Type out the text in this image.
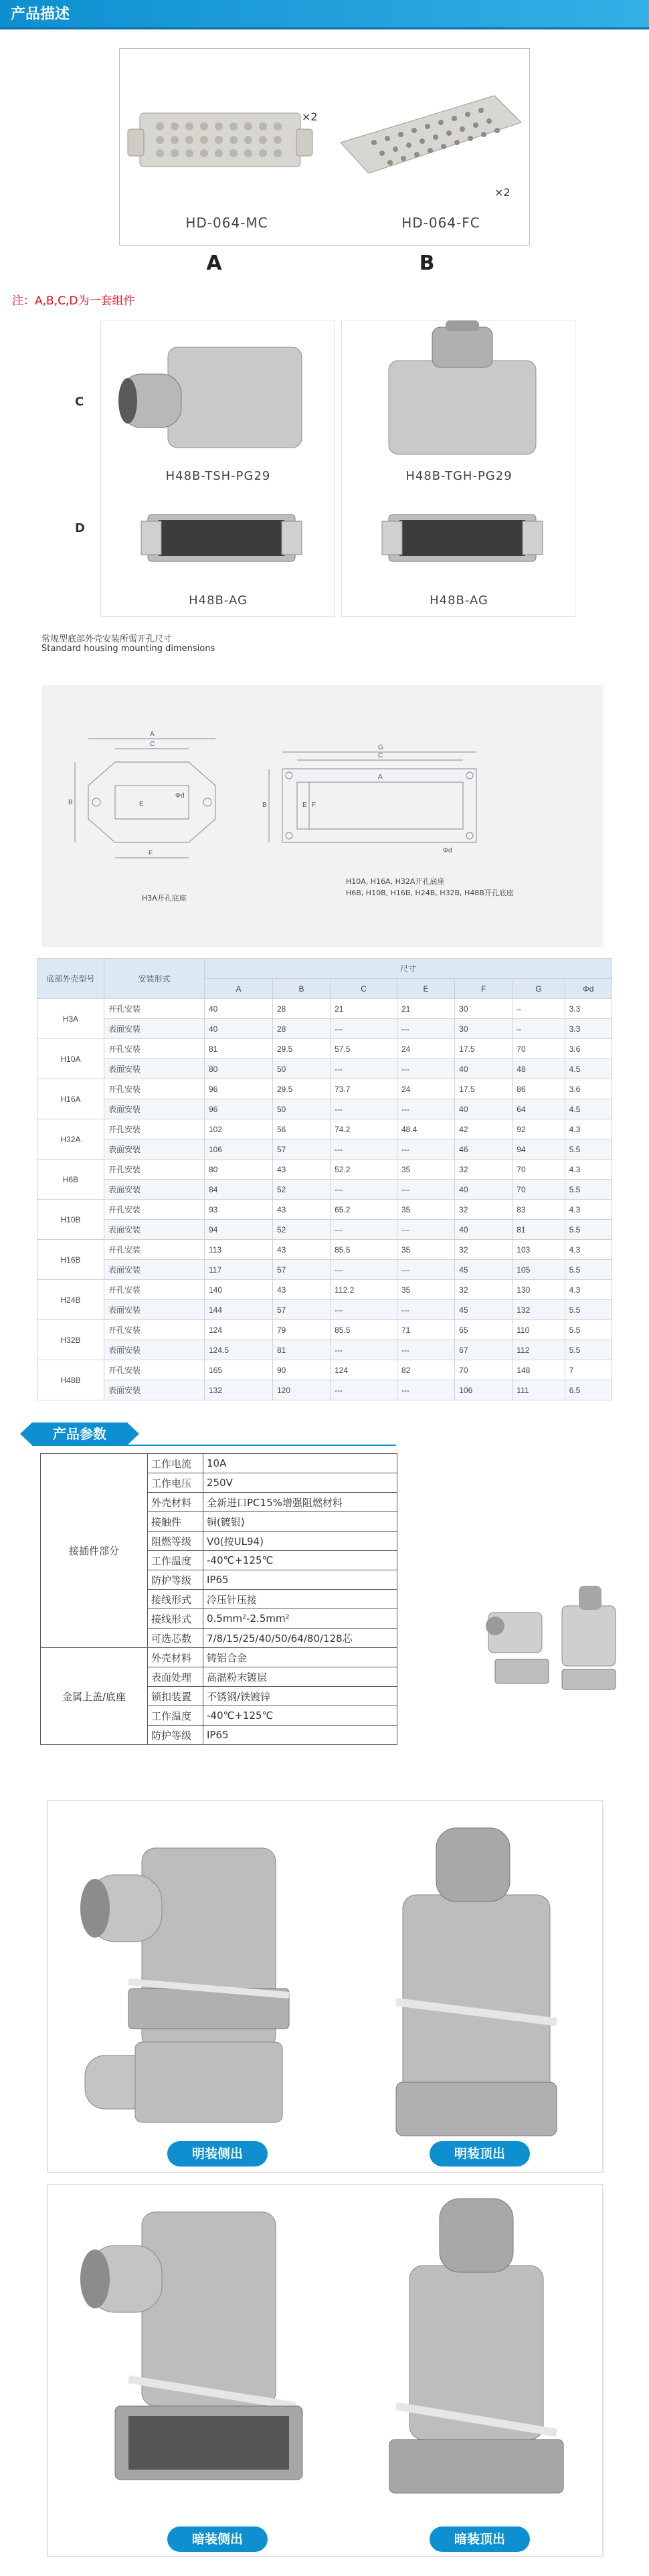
产品描述
×2
×2
HD-064-MC	HD-064-FC
A	B
注：A,B,C,D为一套组件
C
D
H48B-TSH-PG29
H48B-AG
H48B-TGH-PG29
H48B-AG
常规型底部外壳安装所需开孔尺寸
Standard housing mounting dimensions
A
C
B
F
E
Φd
G
C
A
B	E F
Φd
H3A开孔底座
H10A, H16A, H32A开孔底座
H6B, H10B, H16B, H24B, H32B, H48B开孔底座
底部外壳型号	安装形式	尺寸						
		A	B	C	E	F	G	Φd
H3A	开孔安装	40	28	21	21	30	–	3.3
	表面安装	40	28	---	---	30	–	3.3
H10A	开孔安装	81	29.5	57.5	24	17.5	70	3.6
	表面安装	80	50	---	---	40	48	4.5
H16A	开孔安装	96	29.5	73.7	24	17.5	86	3.6
	表面安装	96	50	---	---	40	64	4.5
H32A	开孔安装	102	56	74.2	48.4	42	92	4.3
	表面安装	106	57	---	---	46	94	5.5
H6B	开孔安装	80	43	52.2	35	32	70	4.3
	表面安装	84	52	---	---	40	70	5.5
H10B	开孔安装	93	43	65.2	35	32	83	4.3
	表面安装	94	52	---	---	40	81	5.5
H16B	开孔安装	113	43	85.5	35	32	103	4.3
	表面安装	117	57	---	---	45	105	5.5
H24B	开孔安装	140	43	112.2	35	32	130	4.3
	表面安装	144	57	---	---	45	132	5.5
H32B	开孔安装	124	79	85.5	71	65	110	5.5
	表面安装	124.5	81	---	---	67	112	5.5
H48B	开孔安装	165	90	124	82	70	148	7
	表面安装	132	120	---	---	106	111	6.5
产品参数
接插件部分	工作电流	10A
	工作电压	250V
	外壳材料	全新进口PC15%增强阻燃材料
	接触件	铜(镀银)
	阻燃等级	V0(按UL94)
	工作温度	-40℃+125℃
	防护等级	IP65
	接线形式	冷压针压接
	接线形式	0.5mm²-2.5mm²
	可选芯数	7/8/15/25/40/50/64/80/128芯
金属上盖/底座	外壳材料	铸铝合金
	表面处理	高温粉末镀层
	锁扣装置	不锈钢/铁镀锌
	工作温度	-40℃+125℃
	防护等级	IP65
明装侧出	明装顶出
暗装侧出	暗装顶出
